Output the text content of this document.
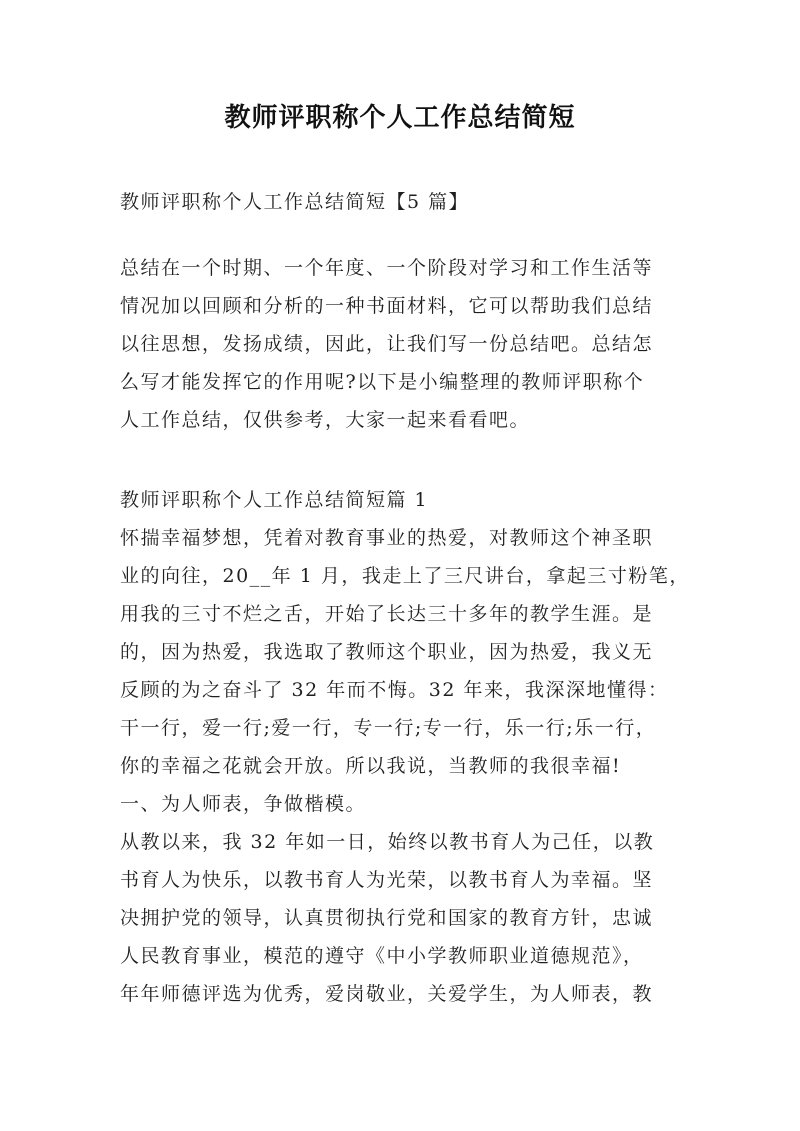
教师评职称个人工作总结简短
教师评职称个人工作总结简短【5 篇】
总结在一个时期、一个年度、一个阶段对学习和工作生活等
情况加以回顾和分析的一种书面材料，它可以帮助我们总结
以往思想，发扬成绩，因此，让我们写一份总结吧。总结怎
么写才能发挥它的作用呢?以下是小编整理的教师评职称个
人工作总结，仅供参考，大家一起来看看吧。
教师评职称个人工作总结简短篇 1
怀揣幸福梦想，凭着对教育事业的热爱，对教师这个神圣职
业的向往，20__年 1 月，我走上了三尺讲台，拿起三寸粉笔，
用我的三寸不烂之舌，开始了长达三十多年的教学生涯。是
的，因为热爱，我选取了教师这个职业，因为热爱，我义无
反顾的为之奋斗了 32 年而不悔。32 年来，我深深地懂得：
干一行，爱一行;爱一行，专一行;专一行，乐一行;乐一行，
你的幸福之花就会开放。所以我说，当教师的我很幸福!
一、为人师表，争做楷模。
从教以来，我 32 年如一日，始终以教书育人为己任，以教
书育人为快乐，以教书育人为光荣，以教书育人为幸福。坚
决拥护党的领导，认真贯彻执行党和国家的教育方针，忠诚
人民教育事业，模范的遵守《中小学教师职业道德规范》，
年年师德评选为优秀，爱岗敬业，关爱学生，为人师表，教
